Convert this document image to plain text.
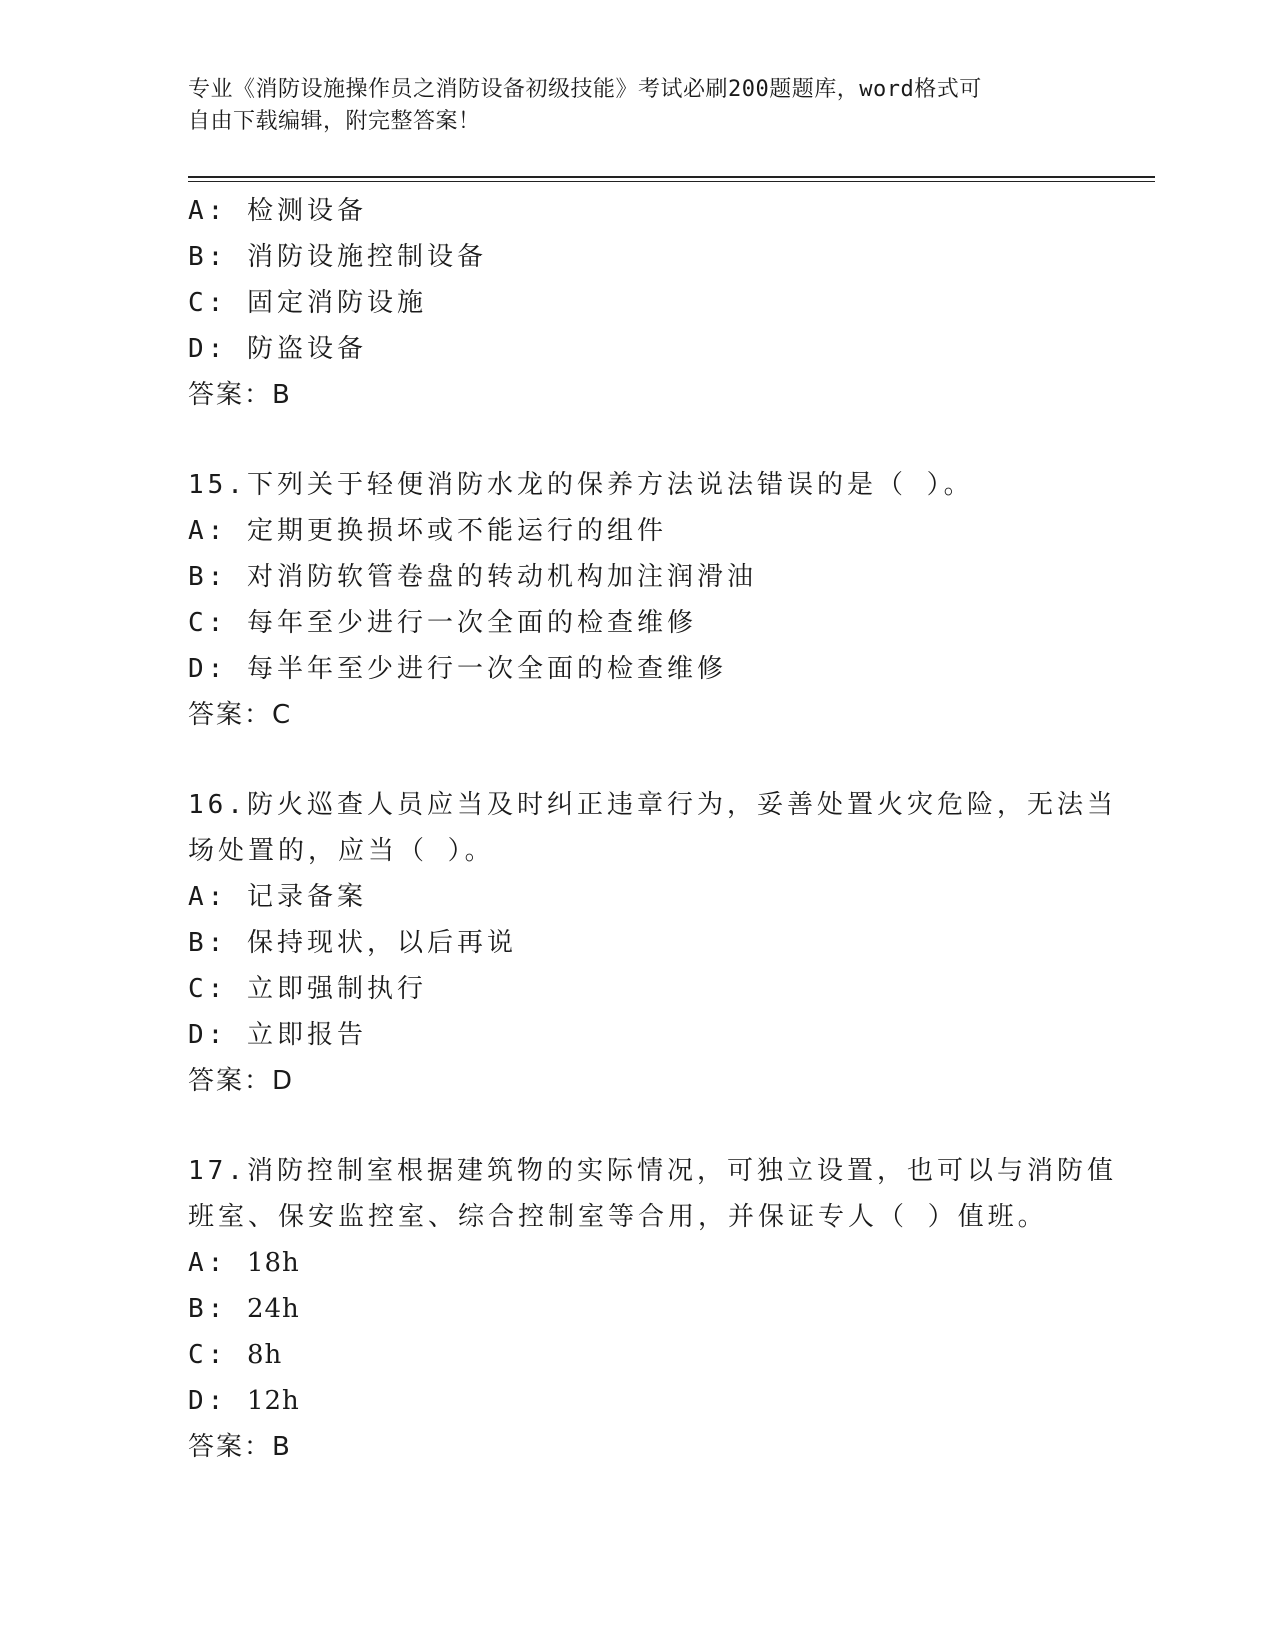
专业《消防设施操作员之消防设备初级技能》考试必刷200题题库，word格式可
自由下载编辑，附完整答案！
A: 检测设备
B: 消防设施控制设备
C: 固定消防设施
D: 防盗设备
答案：B
15.下列关于轻便消防水龙的保养方法说法错误的是（ ）。
A: 定期更换损坏或不能运行的组件
B: 对消防软管卷盘的转动机构加注润滑油
C: 每年至少进行一次全面的检查维修
D: 每半年至少进行一次全面的检查维修
答案：C
16.防火巡查人员应当及时纠正违章行为，妥善处置火灾危险，无法当
场处置的，应当（ ）。
A: 记录备案
B: 保持现状，以后再说
C: 立即强制执行
D: 立即报告
答案：D
17.消防控制室根据建筑物的实际情况，可独立设置，也可以与消防值
班室、保安监控室、综合控制室等合用，并保证专人（ ）值班。
A: 18h
B: 24h
C: 8h
D: 12h
答案：B
